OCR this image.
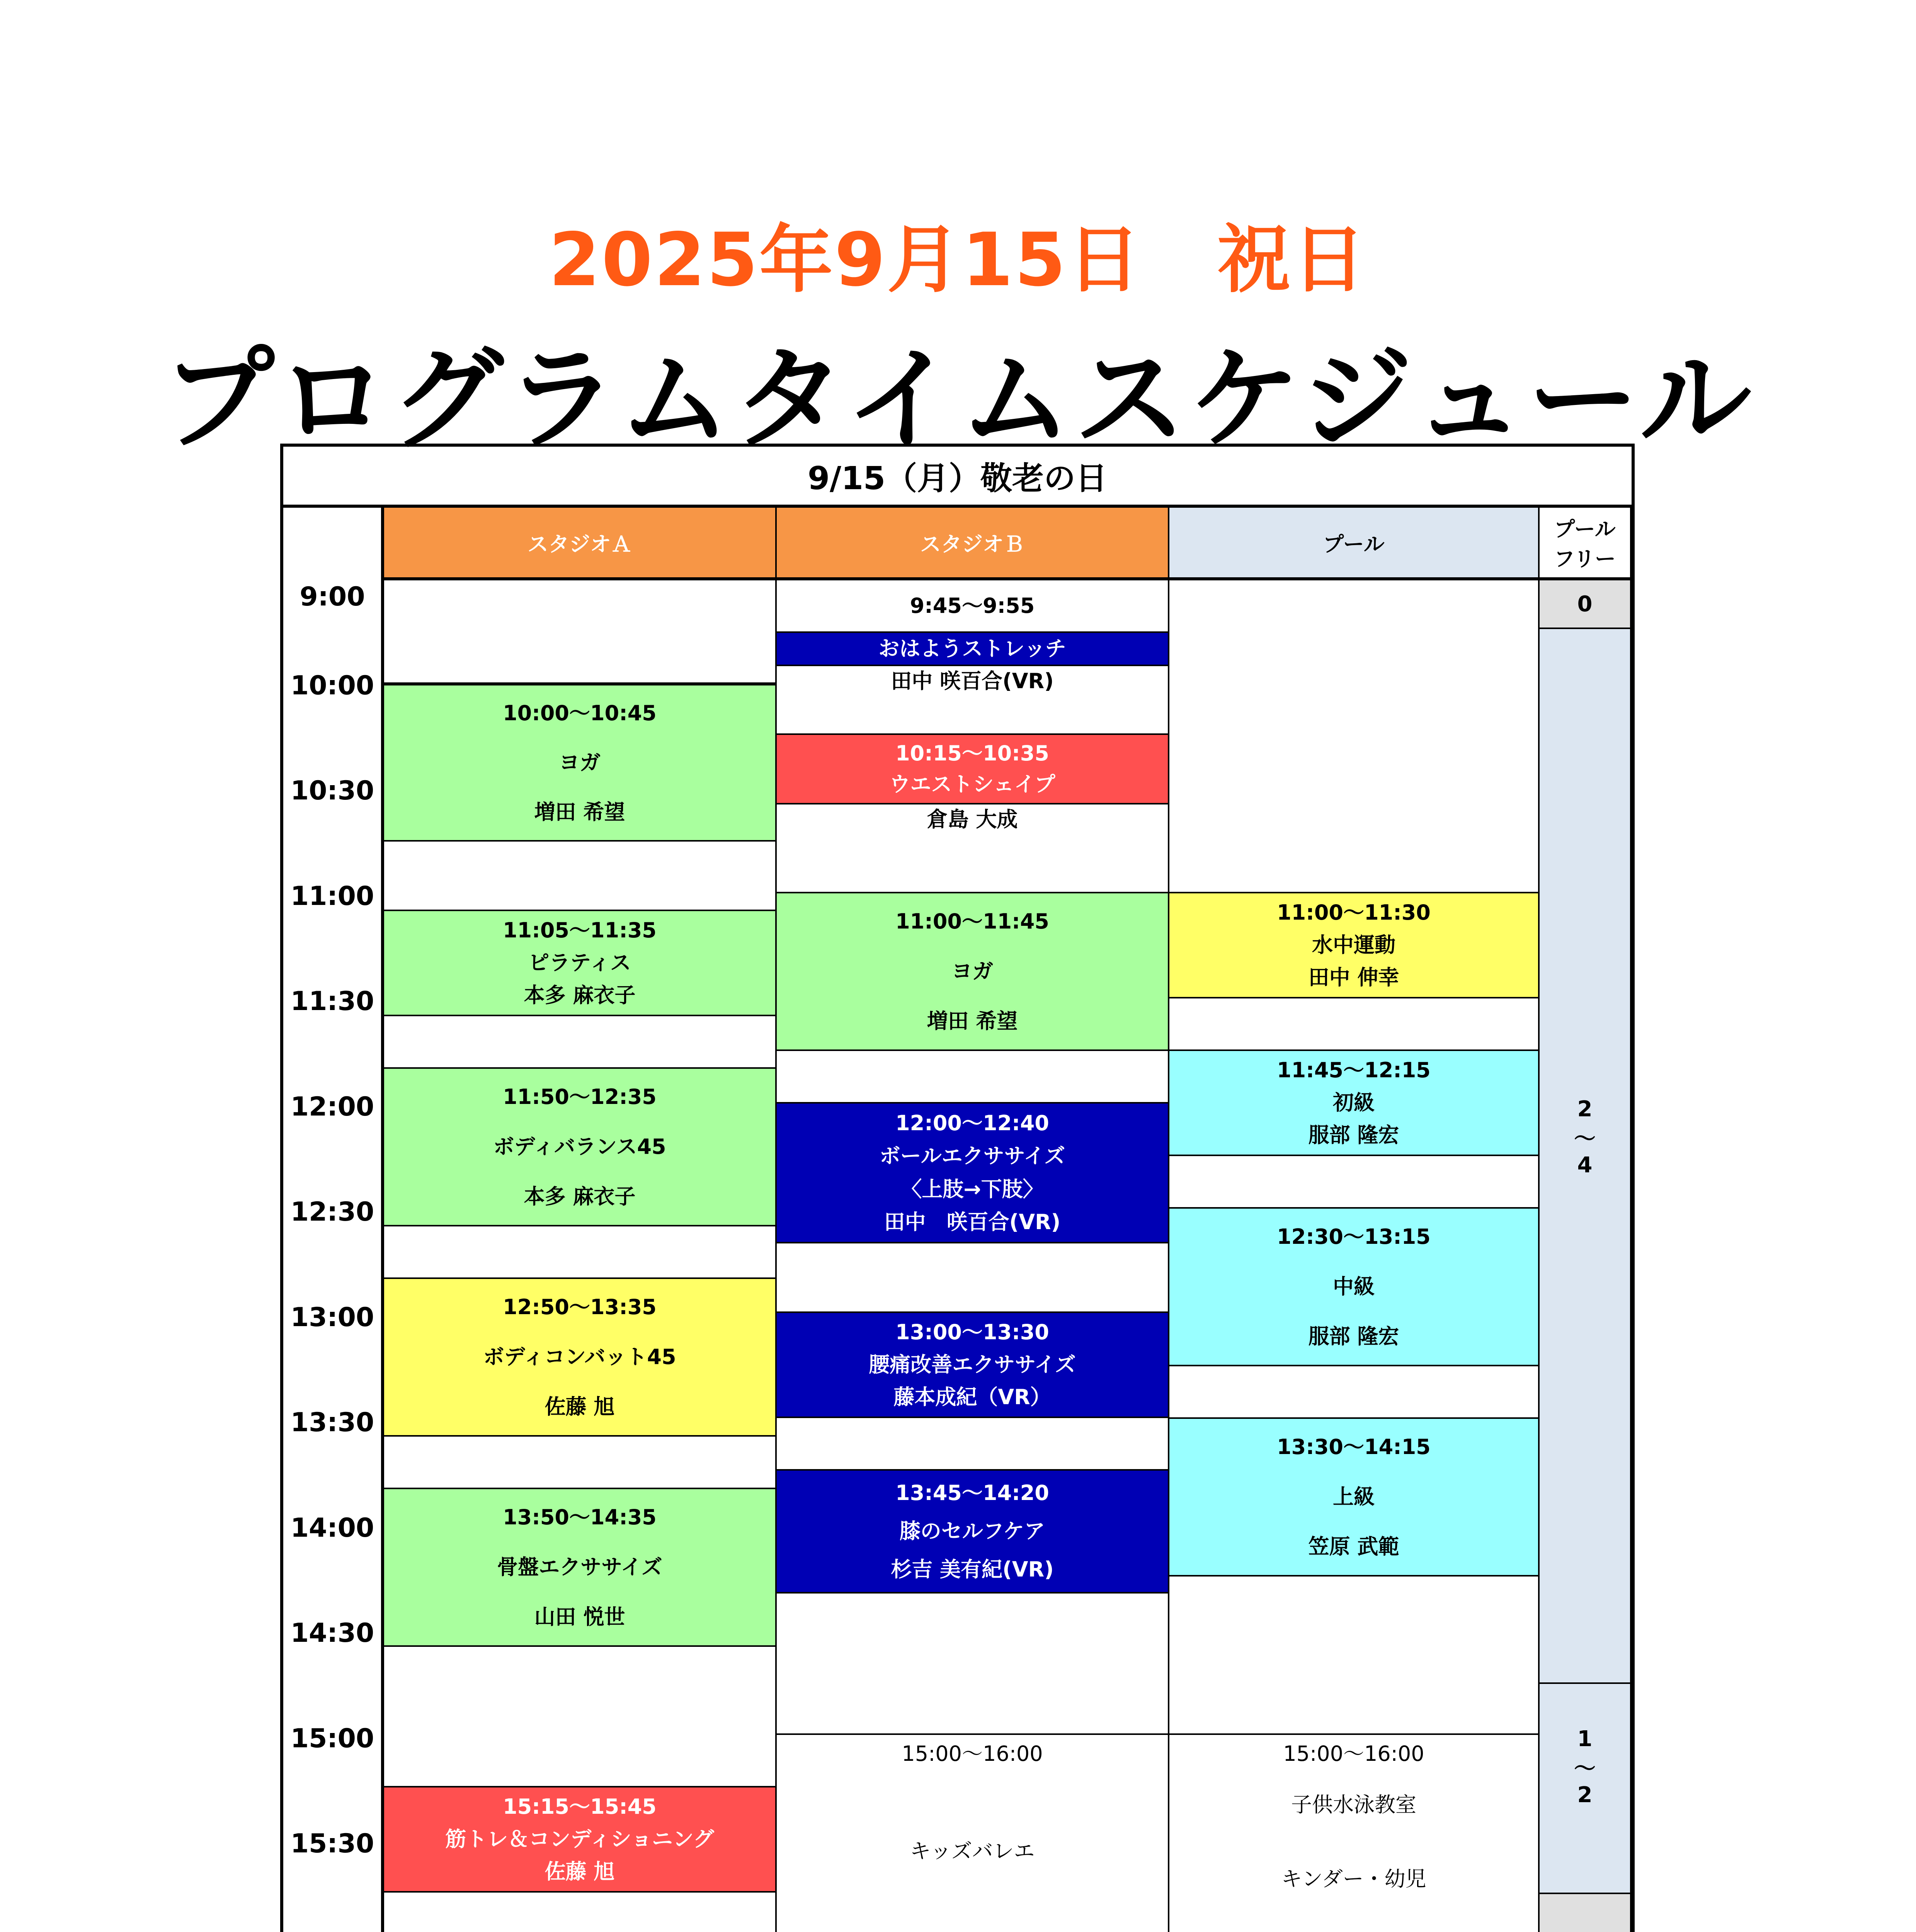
2025年9月15日　祝日
プログラムタイムスケジュール
9/15（月）敬老の日
スタジオＡ	スタジオＢ	プール
プール
フリー
9:00
10:00
10:30
11:00
11:30
12:00
12:30
13:00
13:30
14:00
14:30
15:00
15:30
10:00～10:45
ヨガ
増田 希望
11:05～11:35
ピラティス
本多 麻衣子
11:50～12:35
ボディバランス45
本多 麻衣子
12:50～13:35
ボディコンバット45
佐藤 旭
13:50～14:35
骨盤エクササイズ
山田 悦世
15:15～15:45
筋トレ＆コンディショニング
佐藤 旭
9:45～9:55
おはようストレッチ
田中 咲百合(VR)
10:15～10:35
ウエストシェイプ
倉島 大成
11:00～11:45
ヨガ
増田 希望
12:00～12:40
ボールエクササイズ
〈上肢→下肢〉
田中　咲百合(VR)
13:00～13:30
腰痛改善エクササイズ
藤本成紀（VR）
13:45～14:20
膝のセルフケア
杉吉 美有紀(VR)
15:00～16:00
キッズバレエ
11:00～11:30
水中運動
田中 伸幸
11:45～12:15
初級
服部 隆宏
12:30～13:15
中級
服部 隆宏
13:30～14:15
上級
笠原 武範
15:00～16:00
子供水泳教室
キンダー・幼児
0
2
～
4
1
～
2
